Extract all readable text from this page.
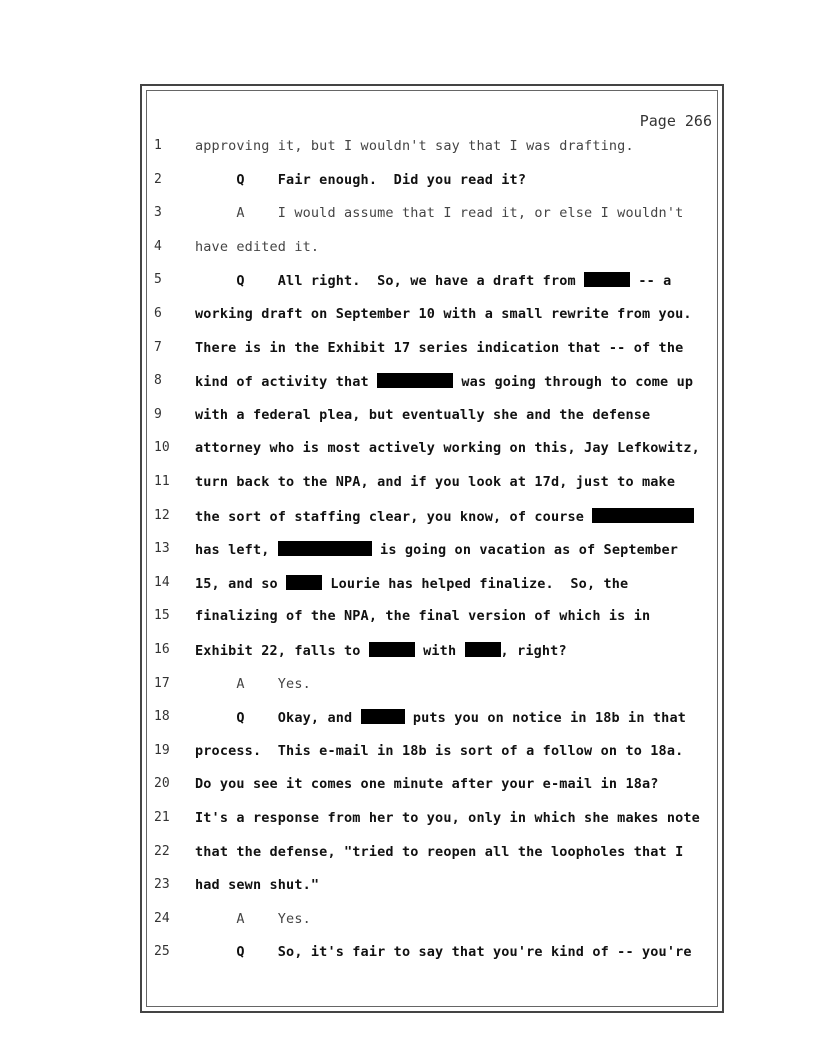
Page 266
1	approving it, but I wouldn't say that I was drafting.
2	Q    Fair enough.  Did you read it?
3	A    I would assume that I read it, or else I wouldn't
4	have edited it.
5	Q    All right.  So, we have a draft from	-- a
6	working draft on September 10 with a small rewrite from you.
7	There is in the Exhibit 17 series indication that -- of the
8	kind of activity that	was going through to come up
9	with a federal plea, but eventually she and the defense
10	attorney who is most actively working on this, Jay Lefkowitz,
11	turn back to the NPA, and if you look at 17d, just to make
12	the sort of staffing clear, you know, of course
13	has left,	is going on vacation as of September
14	15, and so	Lourie has helped finalize.  So, the
15	finalizing of the NPA, the final version of which is in
16	Exhibit 22, falls to	with	, right?
17	A    Yes.
18	Q    Okay, and	puts you on notice in 18b in that
19	process.  This e-mail in 18b is sort of a follow on to 18a.
20	Do you see it comes one minute after your e-mail in 18a?
21	It's a response from her to you, only in which she makes note
22	that the defense, "tried to reopen all the loopholes that I
23	had sewn shut."
24	A    Yes.
25	Q    So, it's fair to say that you're kind of -- you're
